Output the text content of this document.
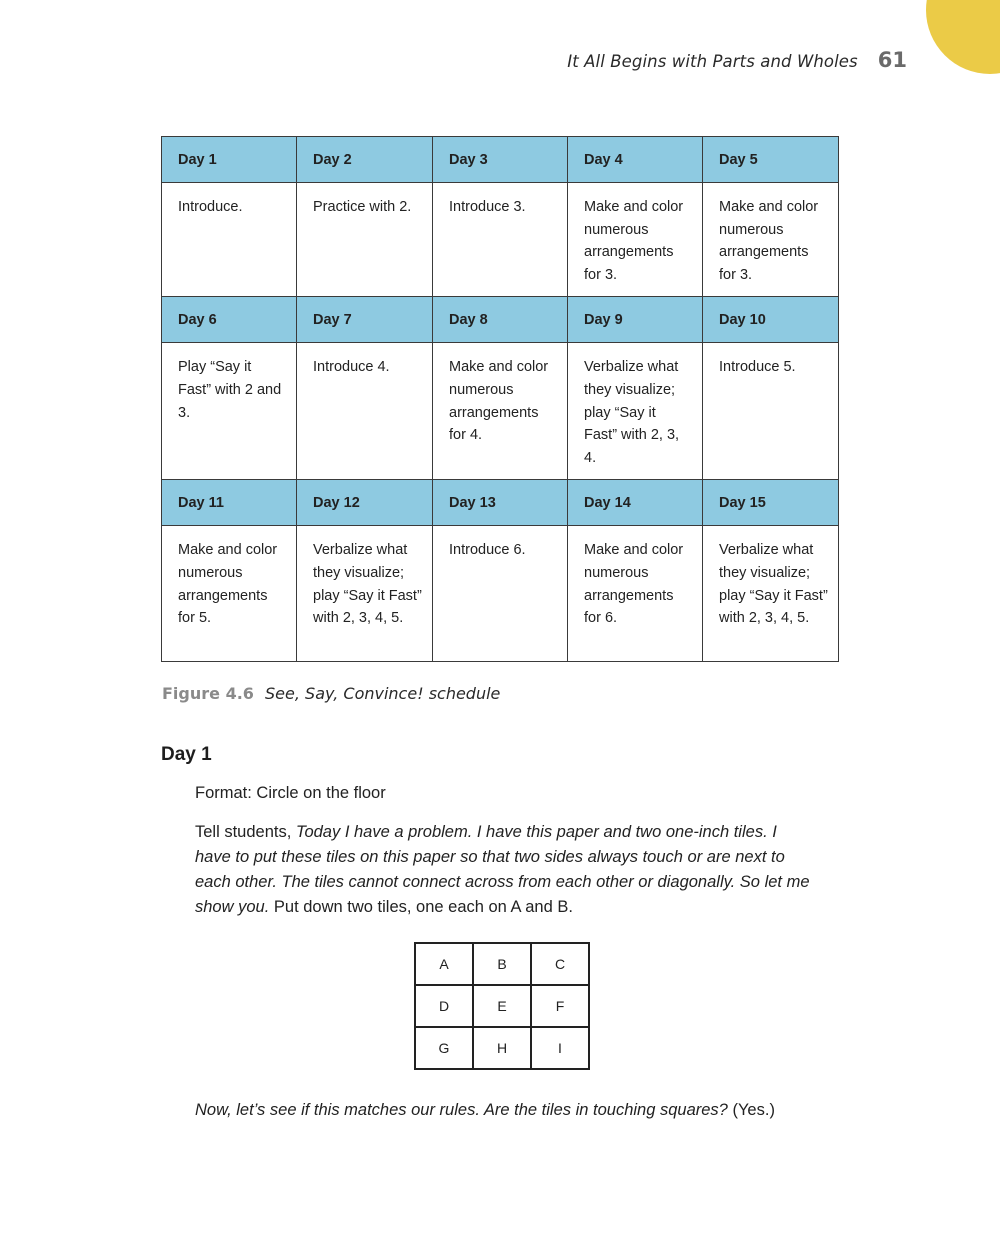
It All Begins with Parts and Wholes 61
Day 1	Day 2	Day 3	Day 4	Day 5
Introduce.	Practice with 2.	Introduce 3.	Make and color numerous arrangements for 3.	Make and color numerous arrangements for 3.
Day 6	Day 7	Day 8	Day 9	Day 10
Play “Say it Fast” with 2 and 3.	Introduce 4.	Make and color numerous arrangements for 4.	Verbalize what they visualize; play “Say it Fast” with 2, 3, 4.	Introduce 5.
Day 11	Day 12	Day 13	Day 14	Day 15
Make and color numerous arrangements for 5.	Verbalize what they visualize; play “Say it Fast” with 2, 3, 4, 5.	Introduce 6.	Make and color numerous arrangements for 6.	Verbalize what they visualize; play “Say it Fast” with 2, 3, 4, 5.
Figure 4.6 See, Say, Convince! schedule
Day 1
Format: Circle on the floor
Tell students, Today I have a problem. I have this paper and two one-inch tiles. I have to put these tiles on this paper so that two sides always touch or are next to each other. The tiles cannot connect across from each other or diagonally. So let me show you. Put down two tiles, one each on A and B.
A	B	C
D	E	F
G	H	I
Now, let’s see if this matches our rules. Are the tiles in touching squares? (Yes.)
